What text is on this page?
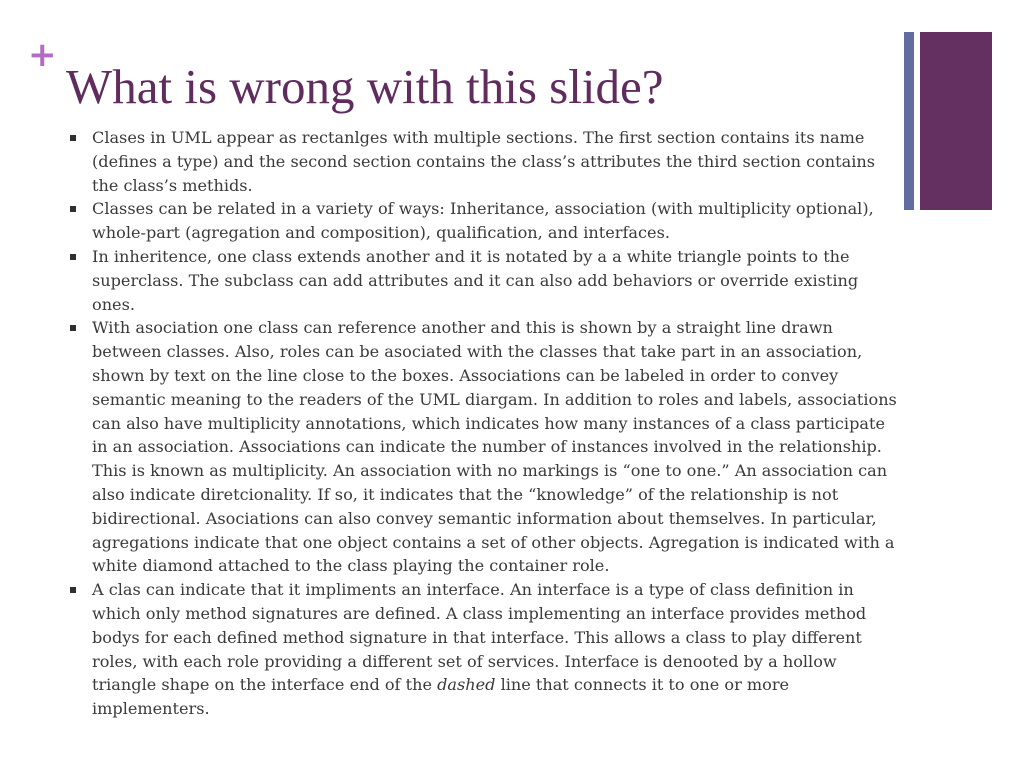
+
What is wrong with this slide?
Clases in UML appear as rectanlges with multiple sections. The first section contains its name (defines a type) and the second section contains the class’s attributes the third section contains the class’s methids.
Classes can be related in a variety of ways: Inheritance, association (with multiplicity optional), whole-part (agregation and composition), qualification, and interfaces.
In inheritence, one class extends another and it is notated by a a white triangle points to the superclass. The subclass can add attributes and it can also add behaviors or override existing ones.
With asociation one class can reference another and this is shown by a straight line drawn between classes. Also, roles can be asociated with the classes that take part in an association, shown by text on the line close to the boxes. Associations can be labeled in order to convey semantic meaning to the readers of the UML diargam. In addition to roles and labels, associations can also have multiplicity annotations, which indicates how many instances of a class participate in an association. Associations can indicate the number of instances involved in the relationship. This is known as multiplicity. An association with no markings is “one to one.” An association can also indicate diretcionality. If so, it indicates that the “knowledge” of the relationship is not bidirectional. Asociations can also convey semantic information about themselves. In particular, agregations indicate that one object contains a set of other objects. Agregation is indicated with a white diamond attached to the class playing the container role.
A clas can indicate that it impliments an interface. An interface is a type of class definition in which only method signatures are defined. A class implementing an interface provides method bodys for each defined method signature in that interface. This allows a class to play different roles, with each role providing a different set of services. Interface is denooted by a hollow triangle shape on the interface end of the dashed line that connects it to one or more implementers.
